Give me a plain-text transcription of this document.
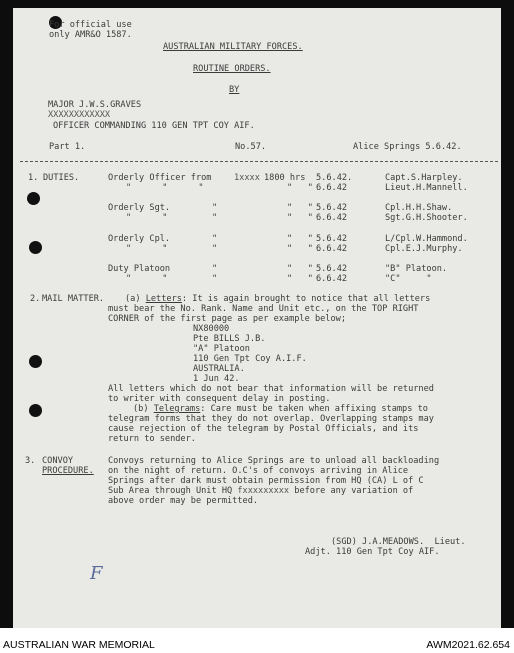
For official use
only AMR&O 1587.
AUSTRALIAN MILITARY FORCES.
ROUTINE ORDERS.
BY
MAJOR J.W.S.GRAVES
XXXXXXXXXXXX
OFFICER COMMANDING 110 GEN TPT COY AIF.
Part 1.	No.57.	Alice Springs 5.6.42.
1. DUTIES.	Orderly Officer from 1xxxx 1800 hrs 5.6.42.	Capt.S.Harpley.
"      "      "	"   " 6.6.42	Lieut.H.Mannell.
Orderly Sgt.	"	"   " 5.6.42	Cpl.H.H.Shaw.
"      "	"	"   " 6.6.42	Sgt.G.H.Shooter.
Orderly Cpl.	"	"   " 5.6.42	L/Cpl.W.Hammond.
"      "	"	"   " 6.6.42	Cpl.E.J.Murphy.
Duty Platoon	"	"   " 5.6.42	"B" Platoon.
"      "	"	"   " 6.6.42	"C"     "
2. MAIL MATTER. (a) Letters: It is again brought to notice that all letters
must bear the No. Rank. Name and Unit etc., on the TOP RIGHT
CORNER of the first page as per example below;
NX80000
Pte BILLS J.B.
"A" Platoon
110 Gen Tpt Coy A.I.F.
AUSTRALIA.
1 Jun 42.
All letters which do not bear that information will be returned
to writer with consequent delay in posting.
(b) Telegrams: Care must be taken when affixing stamps to
telegram forms that they do not overlap. Overlapping stamps may
cause rejection of the telegram by Postal Officials, and its
return to sender.
3. CONVOY
PROCEDURE.
Convoys returning to Alice Springs are to unload all backloading
on the night of return. O.C's of convoys arriving in Alice
Springs after dark must obtain permission from HQ (CA) L of C
Sub Area through Unit HQ fxxxxxxxxx before any variation of
above order may be permitted.
(SGD) J.A.MEADOWS.  Lieut.
Adjt. 110 Gen Tpt Coy AIF.
F
AUSTRALIAN WAR MEMORIAL	AWM2021.62.654
